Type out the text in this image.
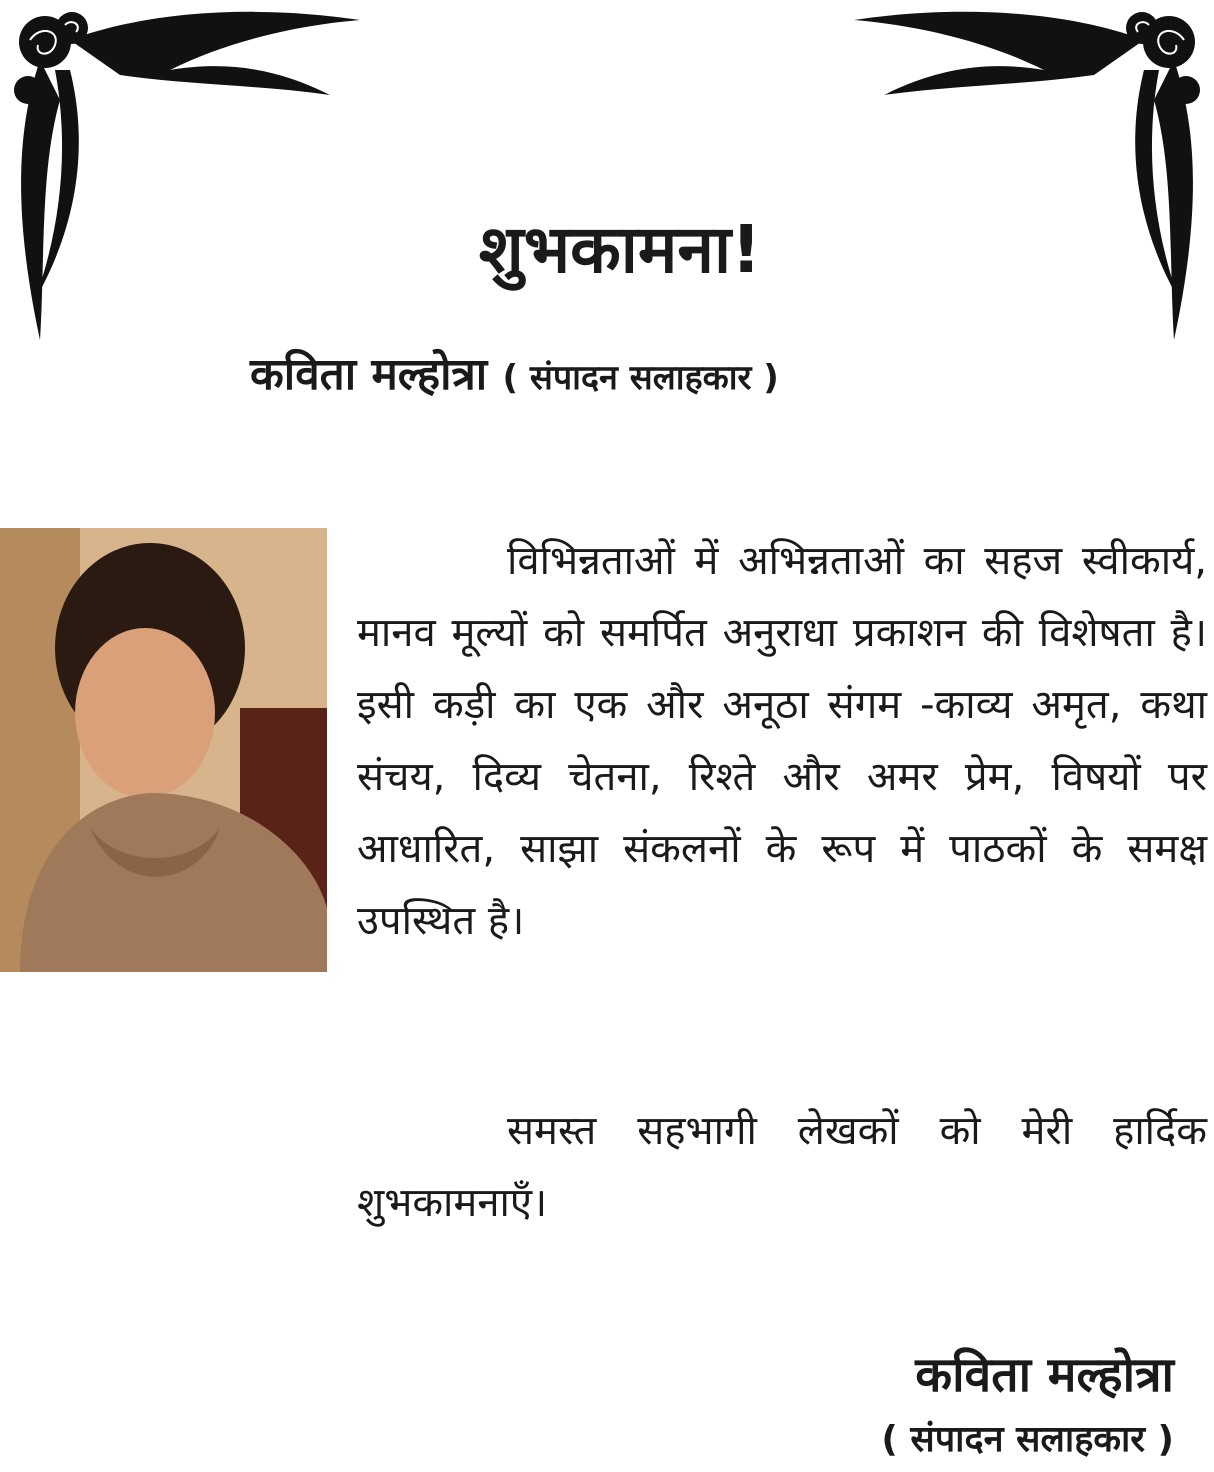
शुभकामना!
कविता मल्होत्रा ( संपादन सलाहकार )
विभिन्नताओं में अभिन्नताओं का सहज स्वीकार्य, मानव मूल्यों को समर्पित अनुराधा प्रकाशन की विशेषता है। इसी कड़ी का एक और अनूठा संगम -काव्य अमृत, कथा संचय, दिव्य चेतना, रिश्ते और अमर प्रेम, विषयों पर आधारित, साझा संकलनों के रूप में पाठकों के समक्ष उपस्थित है।
समस्त सहभागी लेखकों को मेरी हार्दिक शुभकामनाएँ।
कविता मल्होत्रा
( संपादन सलाहकार )
